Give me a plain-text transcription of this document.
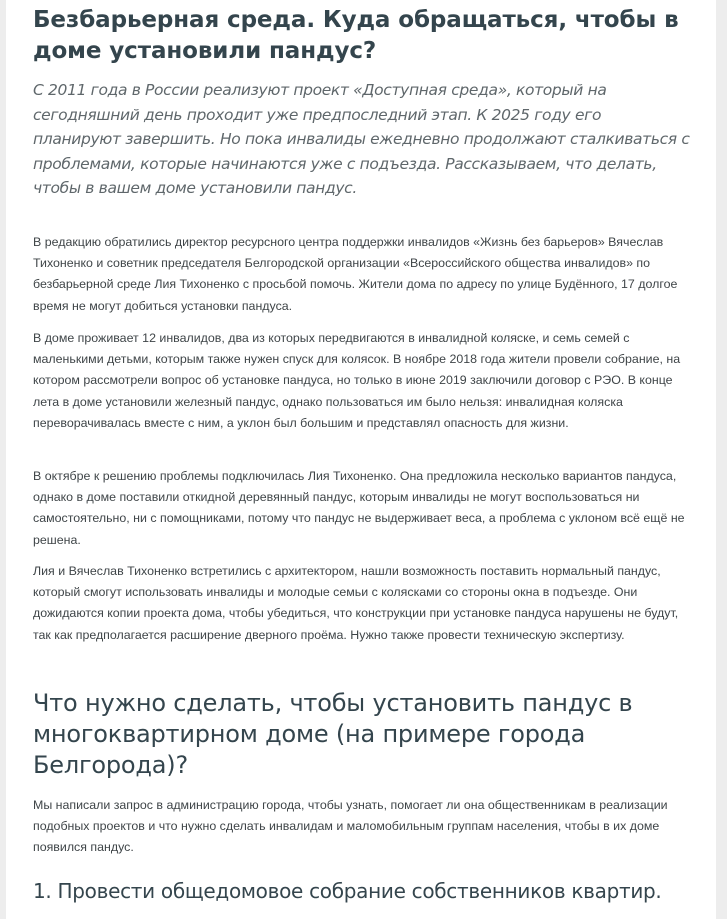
Безбарьерная среда. Куда обращаться, чтобы в доме установили пандус?

С 2011 года в России реализуют проект «Доступная среда», который на сегодняшний день проходит уже предпоследний этап. К 2025 году его планируют завершить. Но пока инвалиды ежедневно продолжают сталкиваться с проблемами, которые начинаются уже с подъезда. Рассказываем, что делать, чтобы в вашем доме установили пандус.

В редакцию обратились директор ресурсного центра поддержки инвалидов «Жизнь без барьеров» Вячеслав Тихоненко и советник председателя Белгородской организации «Всероссийского общества инвалидов» по безбарьерной среде Лия Тихоненко с просьбой помочь. Жители дома по адресу по улице Будённого, 17 долгое время не могут добиться установки пандуса.

В доме проживает 12 инвалидов, два из которых передвигаются в инвалидной коляске, и семь семей с маленькими детьми, которым также нужен спуск для колясок. В ноябре 2018 года жители провели собрание, на котором рассмотрели вопрос об установке пандуса, но только в июне 2019 заключили договор с РЭО. В конце лета в доме установили железный пандус, однако пользоваться им было нельзя: инвалидная коляска переворачивалась вместе с ним, а уклон был большим и представлял опасность для жизни.

В октябре к решению проблемы подключилась Лия Тихоненко. Она предложила несколько вариантов пандуса, однако в доме поставили откидной деревянный пандус, которым инвалиды не могут воспользоваться ни самостоятельно, ни с помощниками, потому что пандус не выдерживает веса, а проблема с уклоном всё ещё не решена.

Лия и Вячеслав Тихоненко встретились с архитектором, нашли возможность поставить нормальный пандус, который смогут использовать инвалиды и молодые семьи с колясками со стороны окна в подъезде. Они дожидаются копии проекта дома, чтобы убедиться, что конструкции при установке пандуса нарушены не будут, так как предполагается расширение дверного проёма. Нужно также провести техническую экспертизу.

Что нужно сделать, чтобы установить пандус в многоквартирном доме (на примере города Белгорода)?

Мы написали запрос в администрацию города, чтобы узнать, помогает ли она общественникам в реализации подобных проектов и что нужно сделать инвалидам и маломобильным группам населения, чтобы в их доме появился пандус.

1. Провести общедомовое собрание собственников квартир.
